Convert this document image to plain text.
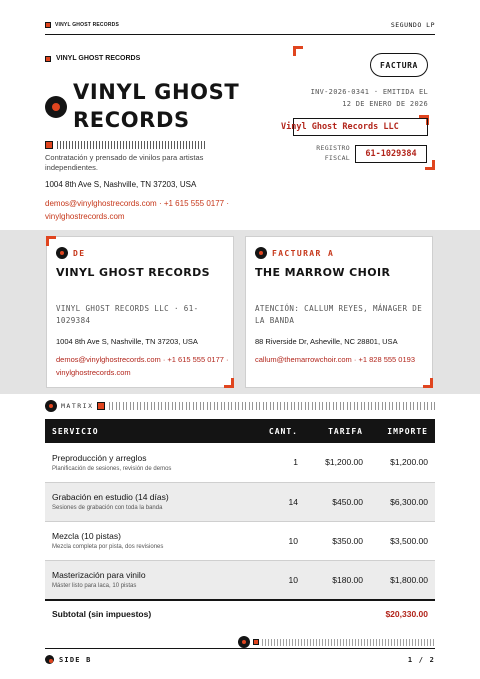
VINYL GHOST RECORDS	SEGUNDO LP
VINYL GHOST RECORDS
VINYL GHOST RECORDS
Contratación y prensado de vinilos para artistas independientes.
1004 8th Ave S, Nashville, TN 37203, USA
demos@vinylghostrecords.com · +1 615 555 0177 · vinylghostrecords.com
FACTURA
INV-2026-0341 · EMITIDA EL
12 DE ENERO DE 2026
Vinyl Ghost Records LLC
REGISTRO
FISCAL	61-1029384
DE
VINYL GHOST RECORDS
VINYL GHOST RECORDS LLC · 61-1029384
1004 8th Ave S, Nashville, TN 37203, USA
demos@vinylghostrecords.com · +1 615 555 0177 · vinylghostrecords.com
FACTURAR A
THE MARROW CHOIR
ATENCIÓN: CALLUM REYES, MÁNAGER DE LA BANDA
88 Riverside Dr, Asheville, NC 28801, USA
callum@themarrowchoir.com · +1 828 555 0193
MATRIX
SERVICIO	CANT.	TARIFA	IMPORTE
Preproducción y arreglos
Planificación de sesiones, revisión de demos	1	$1,200.00	$1,200.00
Grabación en estudio (14 días)
Sesiones de grabación con toda la banda	14	$450.00	$6,300.00
Mezcla (10 pistas)
Mezcla completa por pista, dos revisiones	10	$350.00	$3,500.00
Masterización para vinilo
Máster listo para laca, 10 pistas	10	$180.00	$1,800.00
Subtotal (sin impuestos)	$20,330.00
SIDE B	1 / 2
